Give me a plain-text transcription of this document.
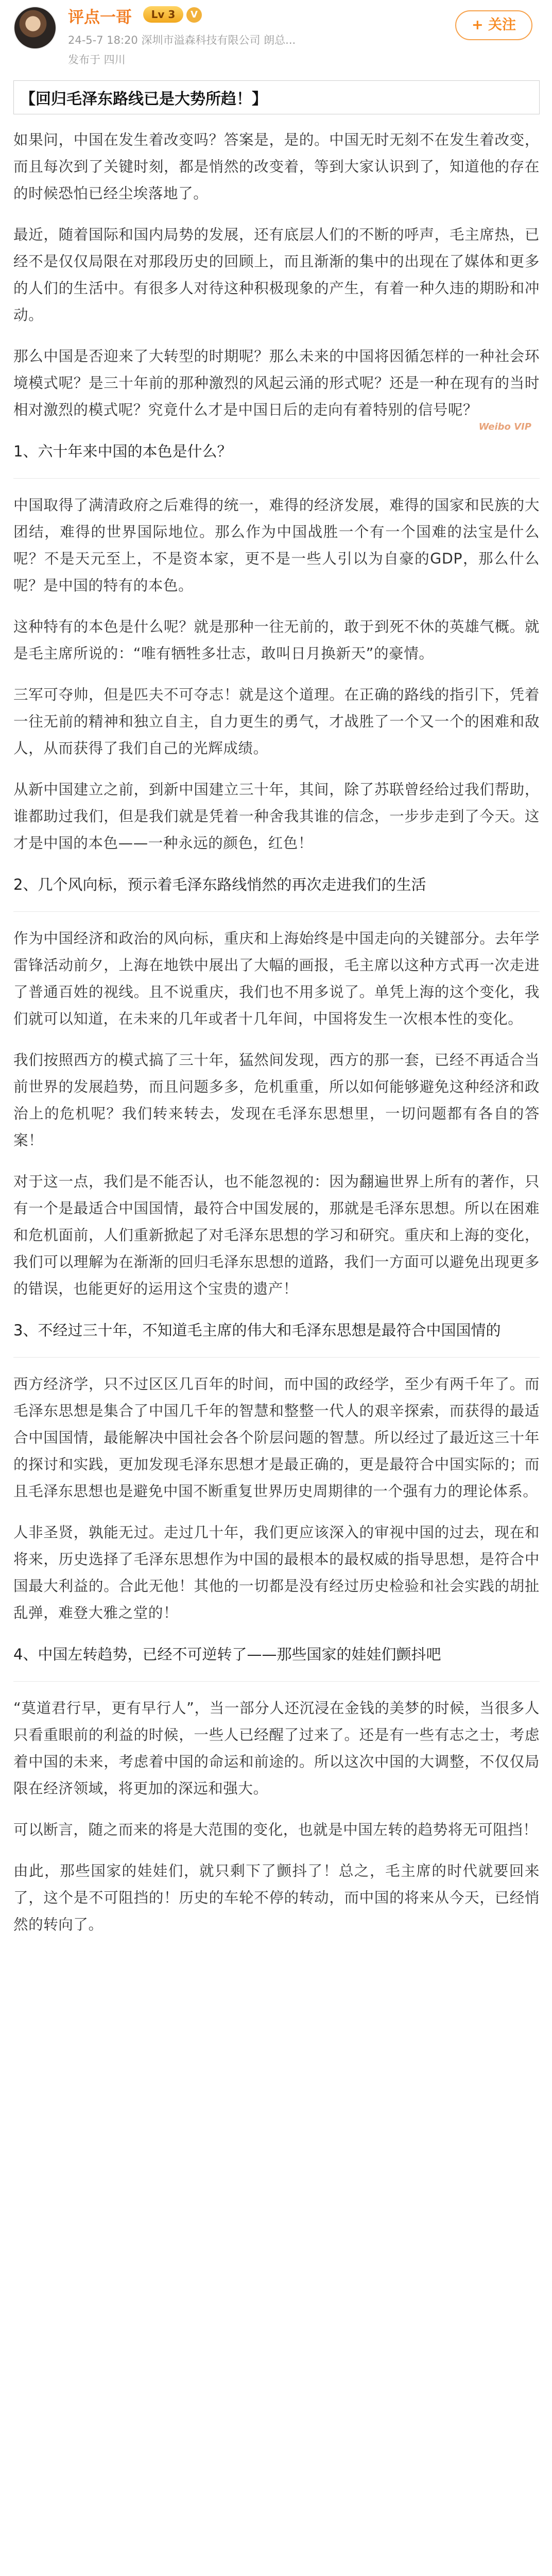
评点一哥	Lv 3	V
24-5-7 18:20 深圳市溢森科技有限公司 朗总...
发布于 四川
+ 关注
【回归毛泽东路线已是大势所趋！】
如果问，中国在发生着改变吗？答案是，是的。中国无时无刻不在发生着改变，而且每次到了关键时刻，都是悄然的改变着，等到大家认识到了，知道他的存在的时候恐怕已经尘埃落地了。
最近，随着国际和国内局势的发展，还有底层人们的不断的呼声，毛主席热，已经不是仅仅局限在对那段历史的回顾上，而且渐渐的集中的出现在了媒体和更多的人们的生活中。有很多人对待这种积极现象的产生，有着一种久违的期盼和冲动。
那么中国是否迎来了大转型的时期呢？那么未来的中国将因循怎样的一种社会环境模式呢？是三十年前的那种激烈的风起云涌的形式呢？还是一种在现有的当时相对激烈的模式呢？究竟什么才是中国日后的走向有着特别的信号呢？
1、六十年来中国的本色是什么？
中国取得了满清政府之后难得的统一，难得的经济发展，难得的国家和民族的大团结，难得的世界国际地位。那么作为中国战胜一个有一个国难的法宝是什么呢？不是天元至上，不是资本家，更不是一些人引以为自豪的GDP，那么什么呢？是中国的特有的本色。
这种特有的本色是什么呢？就是那种一往无前的，敢于到死不休的英雄气概。就是毛主席所说的：“唯有牺牲多壮志，敢叫日月换新天”的豪情。
三军可夺帅，但是匹夫不可夺志！就是这个道理。在正确的路线的指引下，凭着一往无前的精神和独立自主，自力更生的勇气，才战胜了一个又一个的困难和敌人，从而获得了我们自己的光辉成绩。
从新中国建立之前，到新中国建立三十年，其间，除了苏联曾经给过我们帮助，谁都助过我们，但是我们就是凭着一种舍我其谁的信念，一步步走到了今天。这才是中国的本色——一种永远的颜色，红色！
2、几个风向标，预示着毛泽东路线悄然的再次走进我们的生活
作为中国经济和政治的风向标，重庆和上海始终是中国走向的关键部分。去年学雷锋活动前夕，上海在地铁中展出了大幅的画报，毛主席以这种方式再一次走进了普通百姓的视线。且不说重庆，我们也不用多说了。单凭上海的这个变化，我们就可以知道，在未来的几年或者十几年间，中国将发生一次根本性的变化。
我们按照西方的模式搞了三十年，猛然间发现，西方的那一套，已经不再适合当前世界的发展趋势，而且问题多多，危机重重，所以如何能够避免这种经济和政治上的危机呢？我们转来转去，发现在毛泽东思想里，一切问题都有各自的答案！
对于这一点，我们是不能否认，也不能忽视的：因为翻遍世界上所有的著作，只有一个是最适合中国国情，最符合中国发展的，那就是毛泽东思想。所以在困难和危机面前，人们重新掀起了对毛泽东思想的学习和研究。重庆和上海的变化，我们可以理解为在渐渐的回归毛泽东思想的道路，我们一方面可以避免出现更多的错误，也能更好的运用这个宝贵的遗产！
3、不经过三十年，不知道毛主席的伟大和毛泽东思想是最符合中国国情的
西方经济学，只不过区区几百年的时间，而中国的政经学，至少有两千年了。而毛泽东思想是集合了中国几千年的智慧和整整一代人的艰辛探索，而获得的最适合中国国情，最能解决中国社会各个阶层问题的智慧。所以经过了最近这三十年的探讨和实践，更加发现毛泽东思想才是最正确的，更是最符合中国实际的；而且毛泽东思想也是避免中国不断重复世界历史周期律的一个强有力的理论体系。
人非圣贤，孰能无过。走过几十年，我们更应该深入的审视中国的过去，现在和将来，历史选择了毛泽东思想作为中国的最根本的最权威的指导思想，是符合中国最大利益的。合此无他！其他的一切都是没有经过历史检验和社会实践的胡扯乱弹，难登大雅之堂的！
4、中国左转趋势，已经不可逆转了——那些国家的娃娃们颤抖吧
“莫道君行早，更有早行人”，当一部分人还沉浸在金钱的美梦的时候，当很多人只看重眼前的利益的时候，一些人已经醒了过来了。还是有一些有志之士，考虑着中国的未来，考虑着中国的命运和前途的。所以这次中国的大调整，不仅仅局限在经济领域，将更加的深远和强大。
可以断言，随之而来的将是大范围的变化，也就是中国左转的趋势将无可阻挡！
由此，那些国家的娃娃们，就只剩下了颤抖了！总之，毛主席的时代就要回来了，这个是不可阻挡的！历史的车轮不停的转动，而中国的将来从今天，已经悄然的转向了。
Weibo VIP
